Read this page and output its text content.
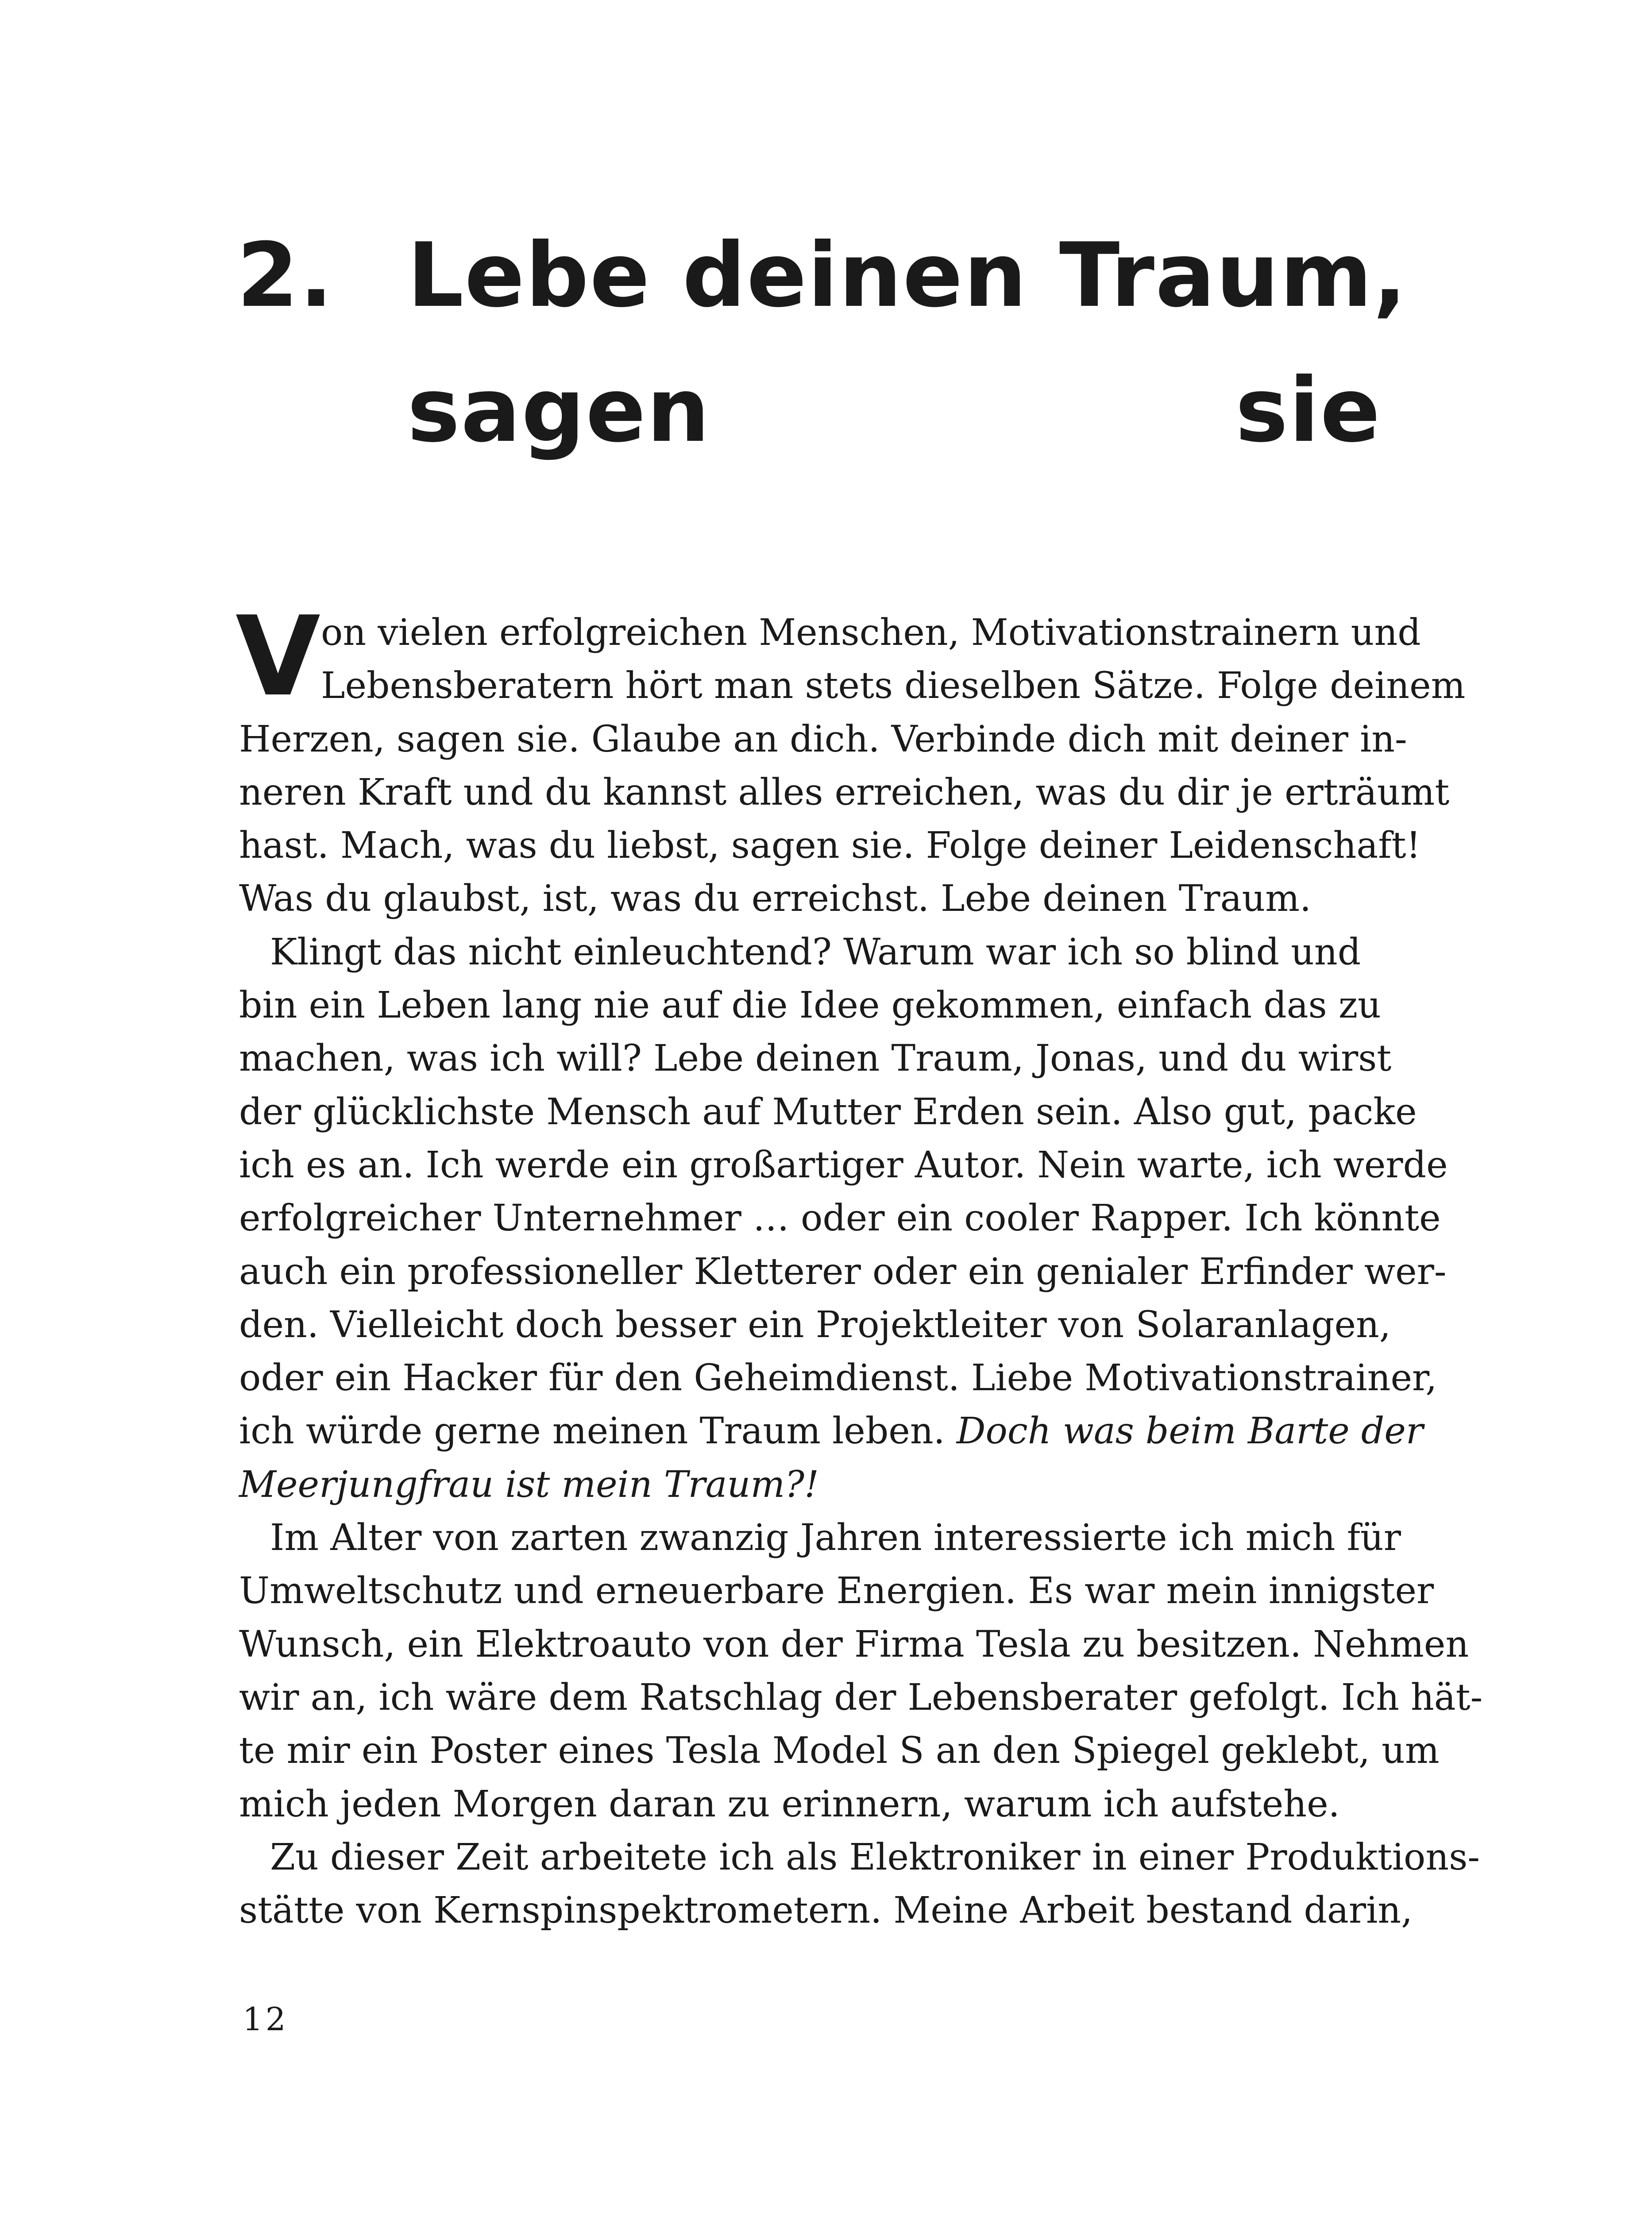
2. Lebe deinen Traum,
sagen sie
V on vielen erfolgreichen Menschen, Motivationstrainern und
Lebensberatern hört man stets dieselben Sätze. Folge deinem
Herzen, sagen sie. Glaube an dich. Verbinde dich mit deiner in-
neren Kraft und du kannst alles erreichen, was du dir je erträumt
hast. Mach, was du liebst, sagen sie. Folge deiner Leidenschaft!
Was du glaubst, ist, was du erreichst. Lebe deinen Traum.
Klingt das nicht einleuchtend? Warum war ich so blind und
bin ein Leben lang nie auf die Idee gekommen, einfach das zu
machen, was ich will? Lebe deinen Traum, Jonas, und du wirst
der glücklichste Mensch auf Mutter Erden sein. Also gut, packe
ich es an. Ich werde ein großartiger Autor. Nein warte, ich werde
erfolgreicher Unternehmer … oder ein cooler Rapper. Ich könnte
auch ein professioneller Kletterer oder ein genialer Erfinder wer-
den. Vielleicht doch besser ein Projektleiter von Solaranlagen,
oder ein Hacker für den Geheimdienst. Liebe Motivationstrainer,
ich würde gerne meinen Traum leben. Doch was beim Barte der
Meerjungfrau ist mein Traum?!
Im Alter von zarten zwanzig Jahren interessierte ich mich für
Umweltschutz und erneuerbare Energien. Es war mein innigster
Wunsch, ein Elektroauto von der Firma Tesla zu besitzen. Nehmen
wir an, ich wäre dem Ratschlag der Lebensberater gefolgt. Ich hät-
te mir ein Poster eines Tesla Model S an den Spiegel geklebt, um
mich jeden Morgen daran zu erinnern, warum ich aufstehe.
Zu dieser Zeit arbeitete ich als Elektroniker in einer Produktions-
stätte von Kernspinspektrometern. Meine Arbeit bestand darin,
12
